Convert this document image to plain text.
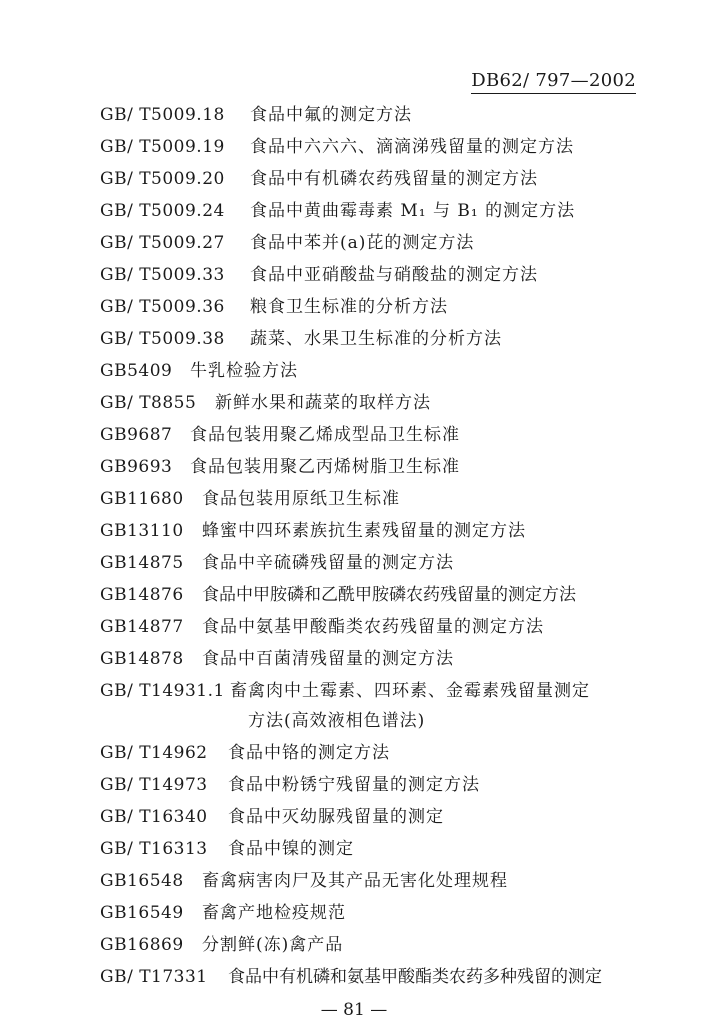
DB62/ 797—2002
GB/ T5009.18 食品中氟的测定方法
GB/ T5009.19 食品中六六六、滴滴涕残留量的测定方法
GB/ T5009.20 食品中有机磷农药残留量的测定方法
GB/ T5009.24 食品中黄曲霉毒素 M₁ 与 B₁ 的测定方法
GB/ T5009.27 食品中苯并(a)芘的测定方法
GB/ T5009.33 食品中亚硝酸盐与硝酸盐的测定方法
GB/ T5009.36 粮食卫生标准的分析方法
GB/ T5009.38 蔬菜、水果卫生标准的分析方法
GB5409 牛乳检验方法
GB/ T8855 新鲜水果和蔬菜的取样方法
GB9687 食品包装用聚乙烯成型品卫生标准
GB9693 食品包装用聚乙丙烯树脂卫生标准
GB11680 食品包装用原纸卫生标准
GB13110 蜂蜜中四环素族抗生素残留量的测定方法
GB14875 食品中辛硫磷残留量的测定方法
GB14876 食品中甲胺磷和乙酰甲胺磷农药残留量的测定方法
GB14877 食品中氨基甲酸酯类农药残留量的测定方法
GB14878 食品中百菌清残留量的测定方法
GB/ T14931.1 畜禽肉中土霉素、四环素、金霉素残留量测定
方法(高效液相色谱法)
GB/ T14962 食品中铬的测定方法
GB/ T14973 食品中粉锈宁残留量的测定方法
GB/ T16340 食品中灭幼脲残留量的测定
GB/ T16313 食品中镍的测定
GB16548 畜禽病害肉尸及其产品无害化处理规程
GB16549 畜禽产地检疫规范
GB16869 分割鲜(冻)禽产品
GB/ T17331 食品中有机磷和氨基甲酸酯类农药多种残留的测定
— 81 —
